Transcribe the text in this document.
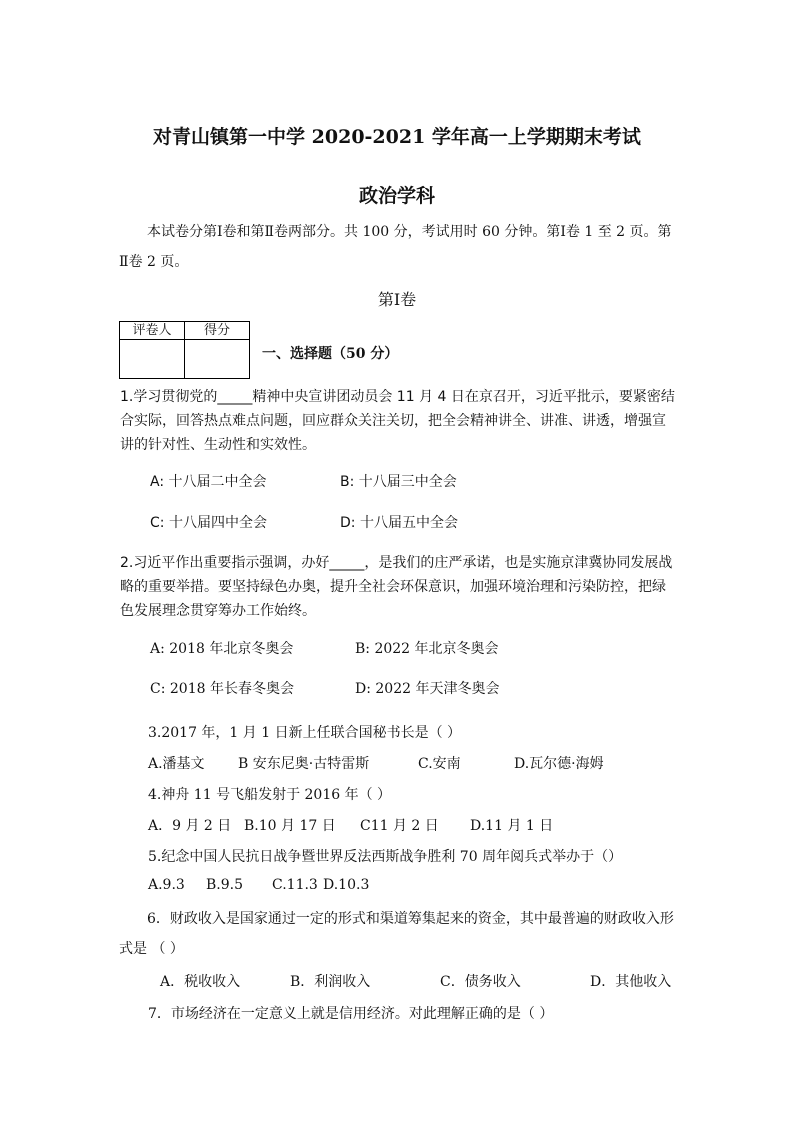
对青山镇第一中学 2020-2021 学年高一上学期期末考试
政治学科
本试卷分第Ⅰ卷和第Ⅱ卷两部分。共 100 分，考试用时 60 分钟。第Ⅰ卷 1 至 2 页。第Ⅱ卷 2 页。
第Ⅰ卷
评卷人	得分

一、选择题（50 分）
1.学习贯彻党的_____精神中央宣讲团动员会 11 月 4 日在京召开，习近平批示，要紧密结合实际，回答热点难点问题，回应群众关注关切，把全会精神讲全、讲准、讲透，增强宣讲的针对性、生动性和实效性。
A: 十八届二中全会	B: 十八届三中全会
C: 十八届四中全会	D: 十八届五中全会
2.习近平作出重要指示强调，办好_____，是我们的庄严承诺，也是实施京津冀协同发展战略的重要举措。要坚持绿色办奥，提升全社会环保意识，加强环境治理和污染防控，把绿色发展理念贯穿筹办工作始终。
A: 2018 年北京冬奥会	B: 2022 年北京冬奥会
C: 2018 年长春冬奥会	D: 2022 年天津冬奥会
3.2017 年，1 月 1 日新上任联合国秘书长是（ ）
A.潘基文 B 安东尼奥·古特雷斯	C.安南	D.瓦尔德·海姆
4.神舟 11 号飞船发射于 2016 年（ ）
A．9 月 2 日 B.10 月 17 日 C11 月 2 日 D.11 月 1 日
5.纪念中国人民抗日战争暨世界反法西斯战争胜利 70 周年阅兵式举办于（）
A.9.3 B.9.5 C.11.3 D.10.3
6．财政收入是国家通过一定的形式和渠道筹集起来的资金，其中最普遍的财政收入形式是 （ ）
A．税收收入	B．利润收入	C．债务收入	D．其他收入
7．市场经济在一定意义上就是信用经济。对此理解正确的是（ ）
